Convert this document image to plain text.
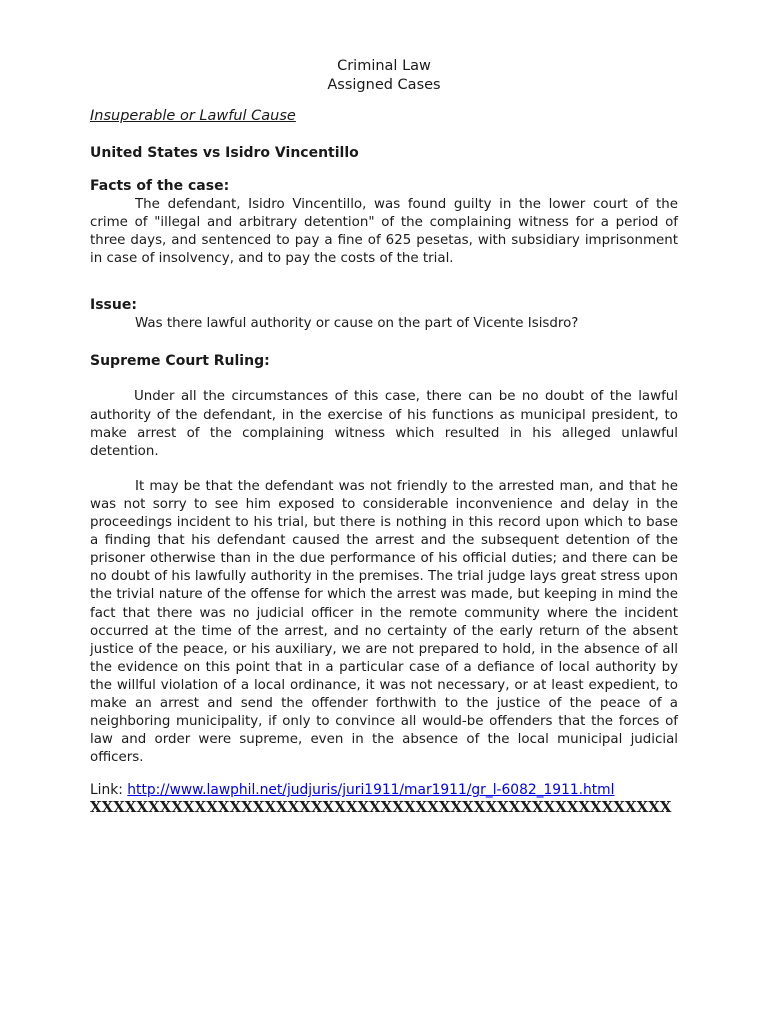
Criminal Law
Assigned Cases
Insuperable or Lawful Cause
United States vs Isidro Vincentillo
Facts of the case:

The defendant, Isidro Vincentillo, was found guilty in the lower court of the crime of "illegal and arbitrary detention" of the complaining witness for a period of three days, and sentenced to pay a fine of 625 pesetas, with subsidiary imprisonment in case of insolvency, and to pay the costs of the trial.

Issue:

Was there lawful authority or cause on the part of Vicente Isisdro?

Supreme Court Ruling:

Under all the circumstances of this case, there can be no doubt of the lawful authority of the defendant, in the exercise of his functions as municipal president, to make arrest of the complaining witness which resulted in his alleged unlawful detention.

It may be that the defendant was not friendly to the arrested man, and that he was not sorry to see him exposed to considerable inconvenience and delay in the proceedings incident to his trial, but there is nothing in this record upon which to base a finding that his defendant caused the arrest and the subsequent detention of the prisoner otherwise than in the due performance of his official duties; and there can be no doubt of his lawfully authority in the premises. The trial judge lays great stress upon the trivial nature of the offense for which the arrest was made, but keeping in mind the fact that there was no judicial officer in the remote community where the incident occurred at the time of the arrest, and no certainty of the early return of the absent justice of the peace, or his auxiliary, we are not prepared to hold, in the absence of all the evidence on this point that in a particular case of a defiance of local authority by the willful violation of a local ordinance, it was not necessary, or at least expedient, to make an arrest and send the offender forthwith to the justice of the peace of a neighboring municipality, if only to convince all would-be offenders that the forces of law and order were supreme, even in the absence of the local municipal judicial officers.

Link: http://www.lawphil.net/judjuris/juri1911/mar1911/gr_l-6082_1911.html
XXXXXXXXXXXXXXXXXXXXXXXXXXXXXXXXXXXXXXXXXXXXXXXXXX
